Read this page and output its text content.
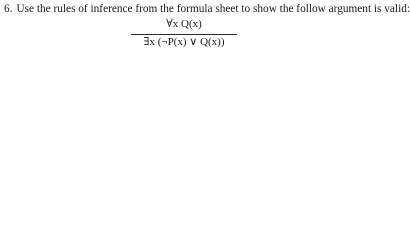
6. Use the rules of inference from the formula sheet to show the follow argument is valid:
∀x Q(x)
∃x (¬P(x) ∨ Q(x))
